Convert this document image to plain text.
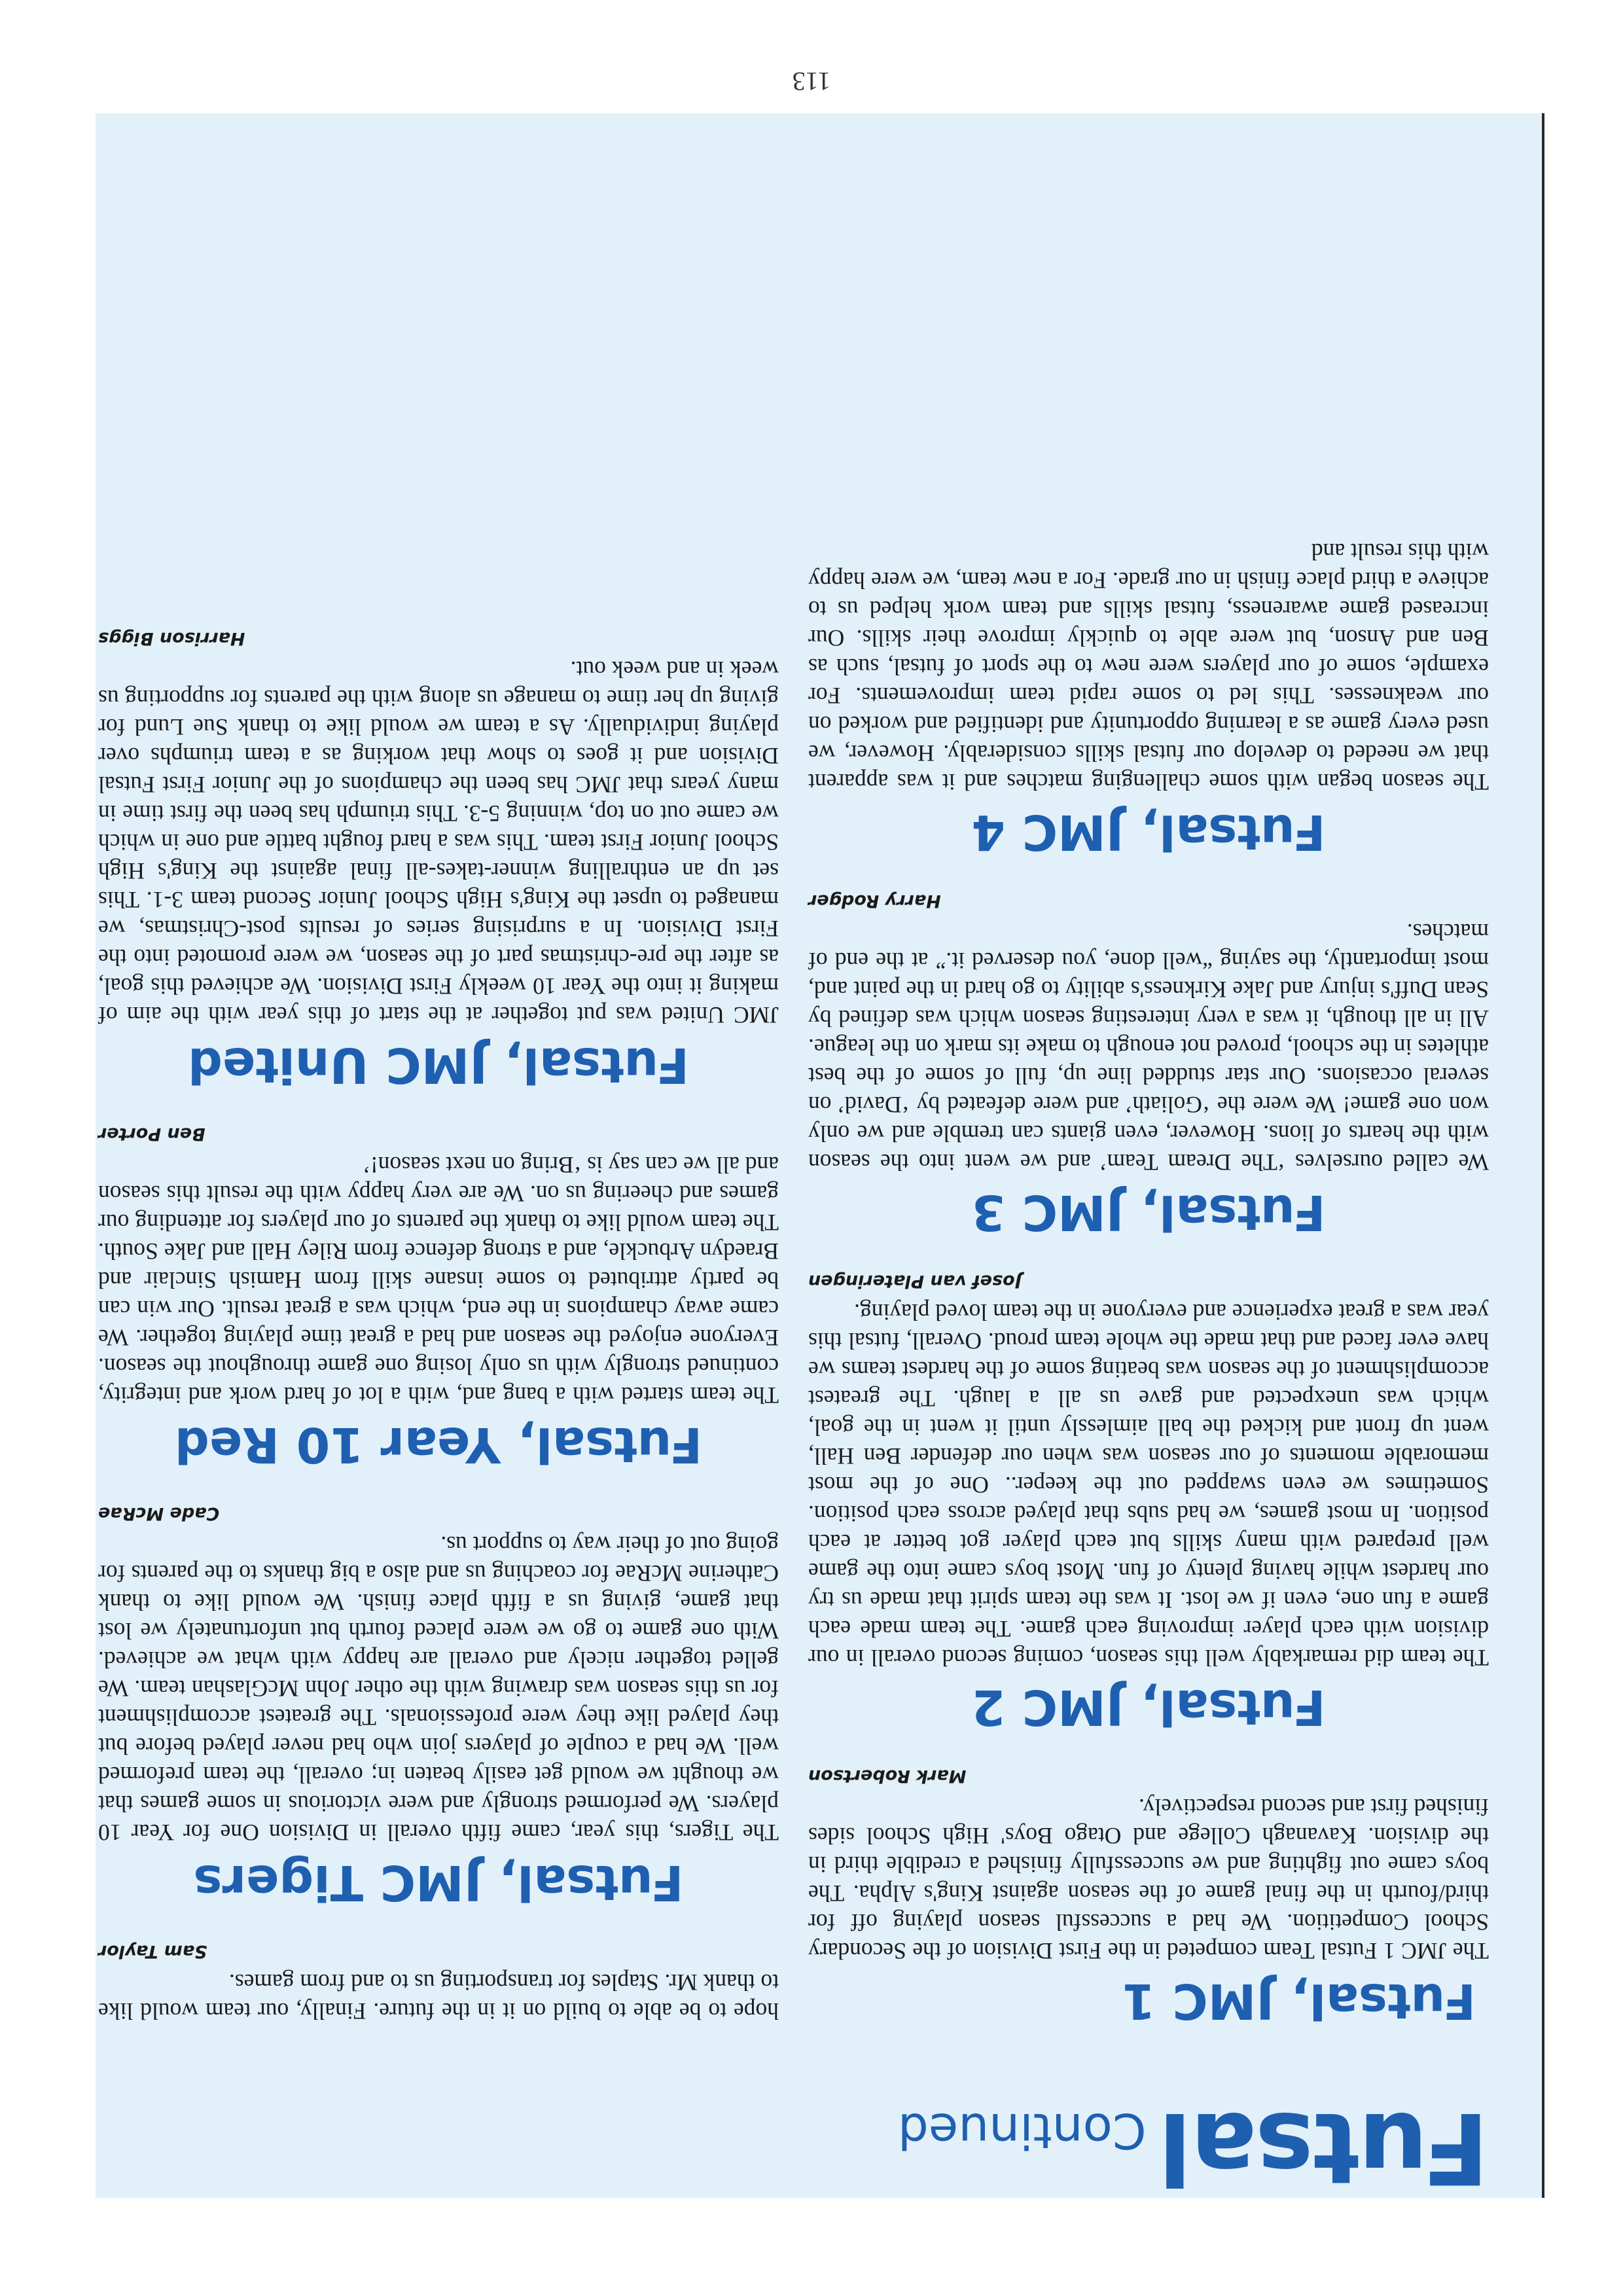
FutsalContinued
Futsal, JMC 1

The JMC 1 Futsal Team competed in the First Division of the Secondary School Competition. We had a successful season playing off for third/fourth in the final game of the season against King's Alpha. The boys came out fighting and we successfully finished a credible third in the division. Kavanagh College and Otago Boys' High School sides finished first and second respectively.

Mark Robertson
Futsal, JMC 2

The team did remarkably well this season, coming second overall in our division with each player improving each game. The team made each game a fun one, even if we lost. It was the team spirit that made us try our hardest while having plenty of fun. Most boys came into the game well prepared with many skills but each player got better at each position. In most games, we had subs that played across each position. Sometimes we even swapped out the keeper.. One of the most memorable moments of our season was when our defender Ben Hall, went up front and kicked the ball aimlessly until it went in the goal, which was unexpected and gave us all a laugh. The greatest accomplishment of the season was beating some of the hardest teams we have ever faced and that made the whole team proud. Overall, futsal this year was a great experience and everyone in the team loved playing.

Josef van Plateringen
Futsal, JMC 3

We called ourselves ‘The Dream Team’ and we went into the season with the hearts of lions. However, even giants can tremble and we only won one game! We were the ‘Goliath’ and were defeated by ‘David’ on several occasions. Our star studded line up, full of some of the best athletes in the school, proved not enough to make its mark on the league. All in all though, it was a very interesting season which was defined by Sean Duff's injury and Jake Kirkness's ability to go hard in the paint and, most importantly, the saying “well done, you deserved it.” at the end of matches.

Harry Rodger
Futsal, JMC 4

The season began with some challenging matches and it was apparent that we needed to develop our futsal skills considerably. However, we used every game as a learning opportunity and identified and worked on our weaknesses. This led to some rapid team improvements. For example, some of our players were new to the sport of futsal, such as Ben and Anson, but were able to quickly improve their skills. Our increased game awareness, futsal skills and team work helped us to achieve a third place finish in our grade. For a new team, we were happy with this result and

hope to be able to build on it in the future. Finally, our team would like to thank Mr. Staples for transporting us to and from games.

Sam Taylor
Futsal, JMC Tigers

The Tigers, this year, came fifth overall in Division One for Year 10 players. We performed strongly and were victorious in some games that we thought we would get easily beaten in; overall, the team preformed well. We had a couple of players join who had never played before but they played like they were professionals. The greatest accomplishment for us this season was drawing with the other John McGlashan team. We gelled together nicely and overall are happy with what we achieved. With one game to go we were placed fourth but unfortunately we lost that game, giving us a fifth place finish. We would like to thank Catherine McRae for coaching us and also a big thanks to the parents for going out of their way to support us.

Cade McRae
Futsal, Year 10 Red

The team started with a bang and, with a lot of hard work and integrity, continued strongly with us only losing one game throughout the season. Everyone enjoyed the season and had a great time playing together. We came away champions in the end, which was a great result. Our win can be partly attributed to some insane skill from Hamish Sinclair and Braedyn Arbuckle, and a strong defence from Riley Hall and Jake South. The team would like to thank the parents of our players for attending our games and cheering us on. We are very happy with the result this season and all we can say is ‘Bring on next season!’

Ben Porter
Futsal, JMC United

JMC United was put together at the start of this year with the aim of making it into the Year 10 weekly First Division. We achieved this goal, as after the pre-christmas part of the season, we were promoted into the First Division. In a surprising series of results post-Christmas, we managed to upset the King's High School Junior Second team 3-1. This set up an enthralling winner-takes-all final against the King's High School Junior First team. This was a hard fought battle and one in which we came out on top, winning 5-3. This triumph has been the first time in many years that JMC has been the champions of the Junior First Futsal Division and it goes to show that working as a team triumphs over playing individually. As a team we would like to thank Sue Lund for giving up her time to manage us along with the parents for supporting us week in and week out.

Harrison Biggs
113
